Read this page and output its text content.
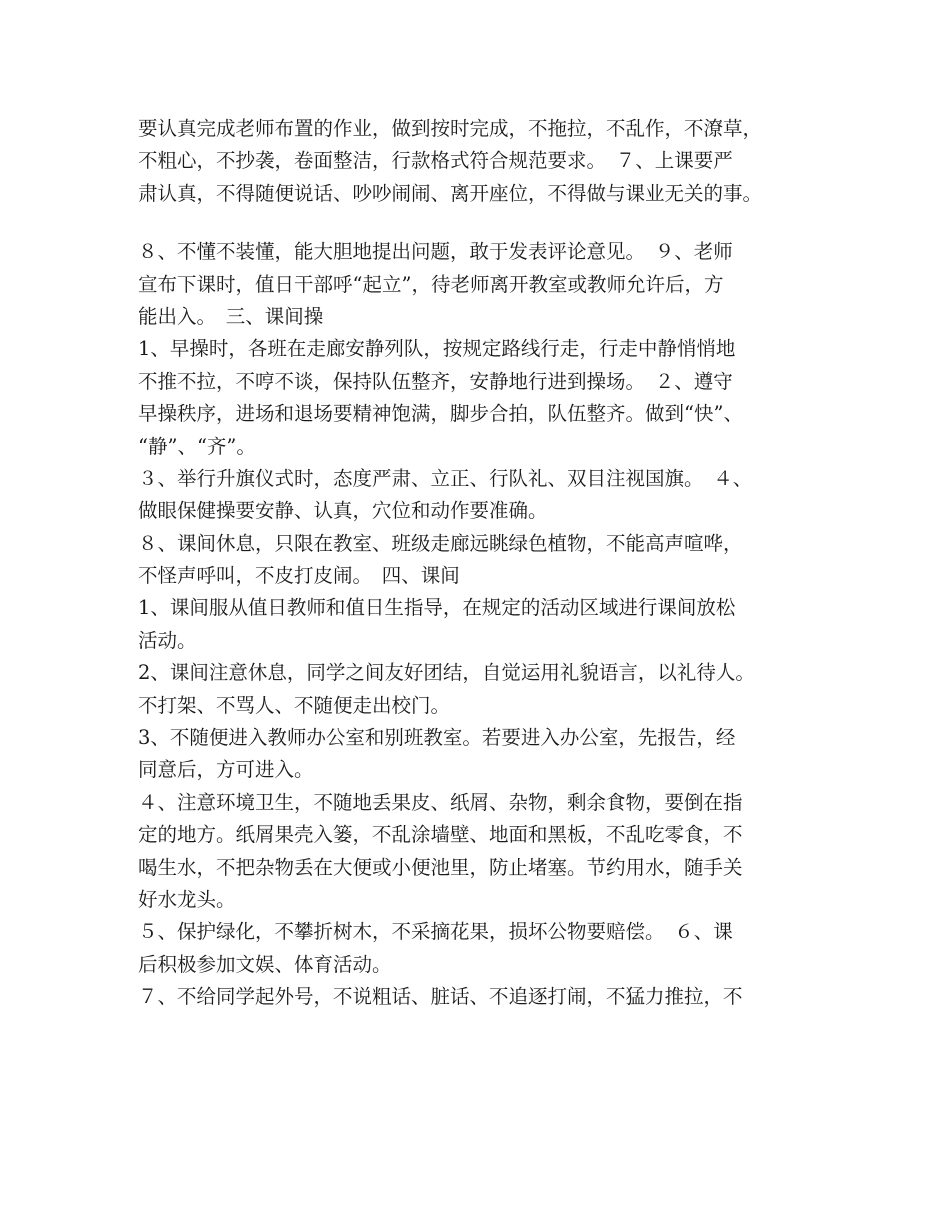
要认真完成老师布置的作业，做到按时完成，不拖拉，不乱作，不潦草，
不粗心，不抄袭，卷面整洁，行款格式符合规范要求。　７、上课要严
肃认真，不得随便说话、吵吵闹闹、离开座位，不得做与课业无关的事。
８、不懂不装懂，能大胆地提出问题，敢于发表评论意见。　９、老师
宣布下课时，值日干部呼“起立”，待老师离开教室或教师允许后，方
能出入。　三、课间操
1、早操时，各班在走廊安静列队，按规定路线行走，行走中静悄悄地
不推不拉，不哼不谈，保持队伍整齐，安静地行进到操场。　２、遵守
早操秩序，进场和退场要精神饱满，脚步合拍，队伍整齐。做到“快”、
“静”、“齐”。
３、举行升旗仪式时，态度严肃、立正、行队礼、双目注视国旗。　４、
做眼保健操要安静、认真，穴位和动作要准确。
８、课间休息，只限在教室、班级走廊远眺绿色植物，不能高声喧哗，
不怪声呼叫，不皮打皮闹。　四、课间
1、课间服从值日教师和值日生指导，在规定的活动区域进行课间放松
活动。
2、课间注意休息，同学之间友好团结，自觉运用礼貌语言，以礼待人。
不打架、不骂人、不随便走出校门。
3、不随便进入教师办公室和别班教室。若要进入办公室，先报告，经
同意后，方可进入。
４、注意环境卫生，不随地丢果皮、纸屑、杂物，剩余食物，要倒在指
定的地方。纸屑果壳入篓，不乱涂墙壁、地面和黑板，不乱吃零食，不
喝生水，不把杂物丢在大便或小便池里，防止堵塞。节约用水，随手关
好水龙头。
５、保护绿化，不攀折树木，不采摘花果，损坏公物要赔偿。　６、课
后积极参加文娱、体育活动。
７、不给同学起外号，不说粗话、脏话、不追逐打闹，不猛力推拉，不
